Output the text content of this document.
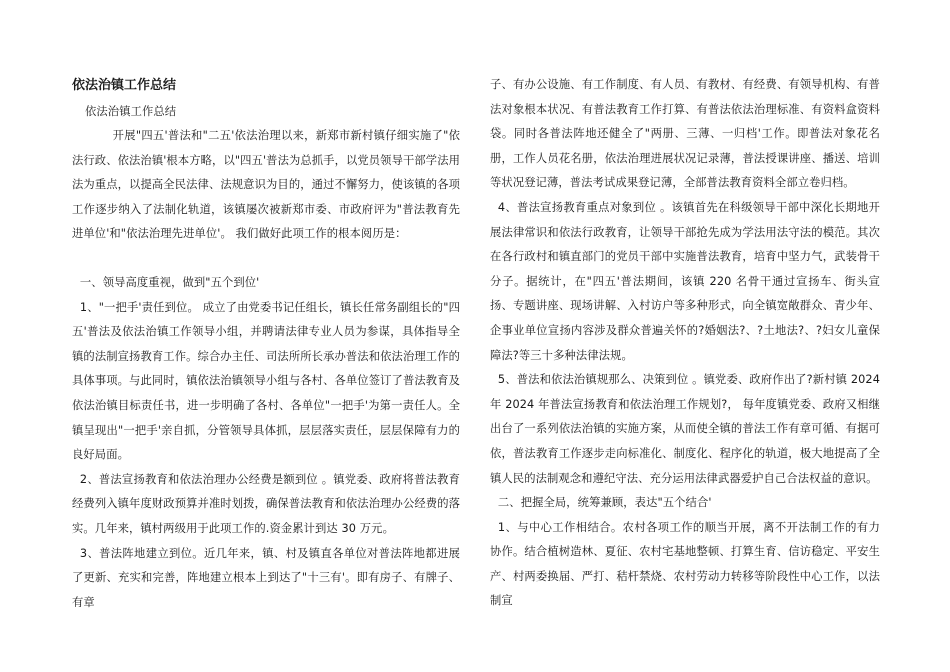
依法治镇工作总结
依法治镇工作总结

开展"四五'普法和"二五'依法治理以来，新郑市新村镇仔细实施了"依法行政、依法治镇'根本方略，以"四五'普法为总抓手，以党员领导干部学法用法为重点，以提高全民法律、法规意识为目的，通过不懈努力，使该镇的各项工作逐步纳入了法制化轨道，该镇屡次被新郑市委、市政府评为"普法教育先进单位'和"依法治理先进单位'。 我们做好此项工作的根本阅历是：

一、领导高度重视，做到"五个到位'

1、"一把手'责任到位。 成立了由党委书记任组长，镇长任常务副组长的"四五'普法及依法治镇工作领导小组，并聘请法律专业人员为参谋，具体指导全镇的法制宣扬教育工作。综合办主任、司法所所长承办普法和依法治理工作的具体事项。与此同时，镇依法治镇领导小组与各村、各单位签订了普法教育及依法治镇目标责任书，进一步明确了各村、各单位"一把手'为第一责任人。全镇呈现出"一把手'亲自抓，分管领导具体抓，层层落实责任，层层保障有力的良好局面。

2、普法宣扬教育和依法治理办公经费是额到位 。镇党委、政府将普法教育经费列入镇年度财政预算并准时划拨，确保普法教育和依法治理办公经费的落实。几年来，镇村两级用于此项工作的.资金累计到达 30 万元。

3、普法阵地建立到位。近几年来，镇、村及镇直各单位对普法阵地都进展了更新、充实和完善，阵地建立根本上到达了"十三有'。即有房子、有牌子、有章

子、有办公设施、有工作制度、有人员、有教材、有经费、有领导机构、有普法对象根本状况、有普法教育工作打算、有普法依法治理标准、有资料盒资料袋。同时各普法阵地还健全了"两册、三薄、一归档'工作。即普法对象花名册，工作人员花名册，依法治理进展状况记录薄，普法授课讲座、播送、培训等状况登记薄，普法考试成果登记薄，全部普法教育资料全部立卷归档。

4、普法宣扬教育重点对象到位 。该镇首先在科级领导干部中深化长期地开展法律常识和依法行政教育，让领导干部抢先成为学法用法守法的模范。其次在各行政村和镇直部门的党员干部中实施普法教育，培育中坚力气，武装骨干分子。据统计，在"四五'普法期间，该镇 220 名骨干通过宣扬车、街头宣扬、专题讲座、现场讲解、入村访户等多种形式，向全镇宽敞群众、青少年、企事业单位宣扬内容涉及群众普遍关怀的?婚姻法?、?土地法?、?妇女儿童保障法?等三十多种法律法规。

5、普法和依法治镇规那么、决策到位 。镇党委、政府作出了?新村镇 2024 年 2024 年普法宣扬教育和依法治理工作规划?， 每年度镇党委、政府又相继出台了一系列依法治镇的实施方案，从而使全镇的普法工作有章可循、有据可依，普法教育工作逐步走向标准化、制度化、程序化的轨道，极大地提高了全镇人民的法制观念和遵纪守法、充分运用法律武器爱护自己合法权益的意识。

二、把握全局，统筹兼顾，表达"五个结合'

1、与中心工作相结合。农村各项工作的顺当开展，离不开法制工作的有力协作。结合植树造林、夏征、农村宅基地整顿、打算生育、信访稳定、平安生产、村两委换届、严打、秸杆禁烧、农村劳动力转移等阶段性中心工作，以法制宣
